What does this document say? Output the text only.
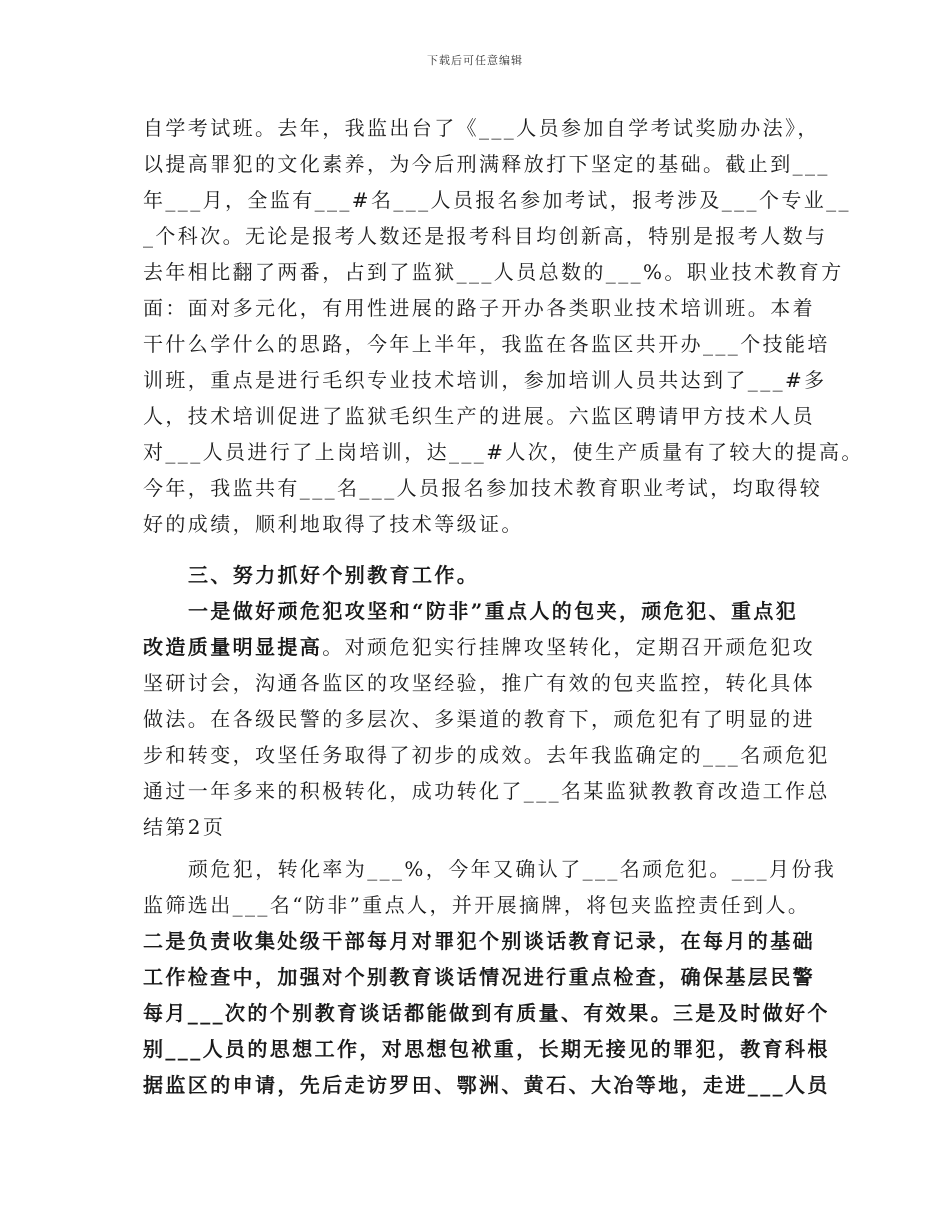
下载后可任意编辑
自学考试班。去年，我监出台了《___人员参加自学考试奖励办法》，
以提高罪犯的文化素养，为今后刑满释放打下坚定的基础。截止到___
年___月，全监有___#名___人员报名参加考试，报考涉及___个专业__
_个科次。无论是报考人数还是报考科目均创新高，特别是报考人数与
去年相比翻了两番，占到了监狱___人员总数的___%。职业技术教育方
面：面对多元化，有用性进展的路子开办各类职业技术培训班。本着
干什么学什么的思路，今年上半年，我监在各监区共开办___个技能培
训班，重点是进行毛织专业技术培训，参加培训人员共达到了___#多
人，技术培训促进了监狱毛织生产的进展。六监区聘请甲方技术人员
对___人员进行了上岗培训，达___#人次，使生产质量有了较大的提高。
今年，我监共有___名___人员报名参加技术教育职业考试，均取得较
好的成绩，顺利地取得了技术等级证。
三、努力抓好个别教育工作。
一是做好顽危犯攻坚和“防非”重点人的包夹，顽危犯、重点犯
改造质量明显提高。对顽危犯实行挂牌攻坚转化，定期召开顽危犯攻
坚研讨会，沟通各监区的攻坚经验，推广有效的包夹监控，转化具体
做法。在各级民警的多层次、多渠道的教育下，顽危犯有了明显的进
步和转变，攻坚任务取得了初步的成效。去年我监确定的___名顽危犯
通过一年多来的积极转化，成功转化了___名某监狱教教育改造工作总
结第2页
顽危犯，转化率为___%，今年又确认了___名顽危犯。___月份我
监筛选出___名“防非”重点人，并开展摘牌，将包夹监控责任到人。
二是负责收集处级干部每月对罪犯个别谈话教育记录，在每月的基础
工作检查中，加强对个别教育谈话情况进行重点检查，确保基层民警
每月___次的个别教育谈话都能做到有质量、有效果。三是及时做好个
别___人员的思想工作，对思想包袱重，长期无接见的罪犯，教育科根
据监区的申请，先后走访罗田、鄂洲、黄石、大冶等地，走进___人员
